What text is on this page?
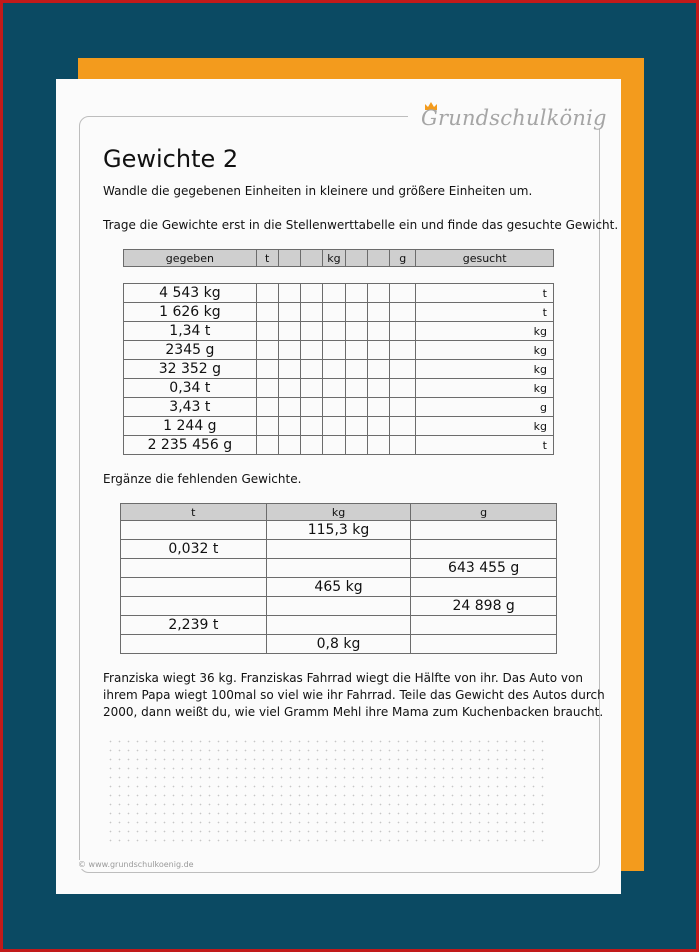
Grundschulkönig
Gewichte 2
Wandle die gegebenen Einheiten in kleinere und größere Einheiten um.
Trage die Gewichte erst in die Stellenwerttabelle ein und finde das gesuchte Gewicht.
gegeben	t			kg			g	gesucht
4 543 kg								t
1 626 kg								t
1,34 t								kg
2345 g								kg
32 352 g								kg
0,34 t								kg
3,43 t								g
1 244 g								kg
2 235 456 g								t
Ergänze die fehlenden Gewichte.
t	kg	g
	115,3 kg	
0,032 t		
		643 455 g
	465 kg	
		24 898 g
2,239 t		
	0,8 kg	
Franziska wiegt 36 kg. Franziskas Fahrrad wiegt die Hälfte von ihr. Das Auto von
ihrem Papa wiegt 100mal so viel wie ihr Fahrrad. Teile das Gewicht des Autos durch
2000, dann weißt du, wie viel Gramm Mehl ihre Mama zum Kuchenbacken braucht.
© www.grundschulkoenig.de
